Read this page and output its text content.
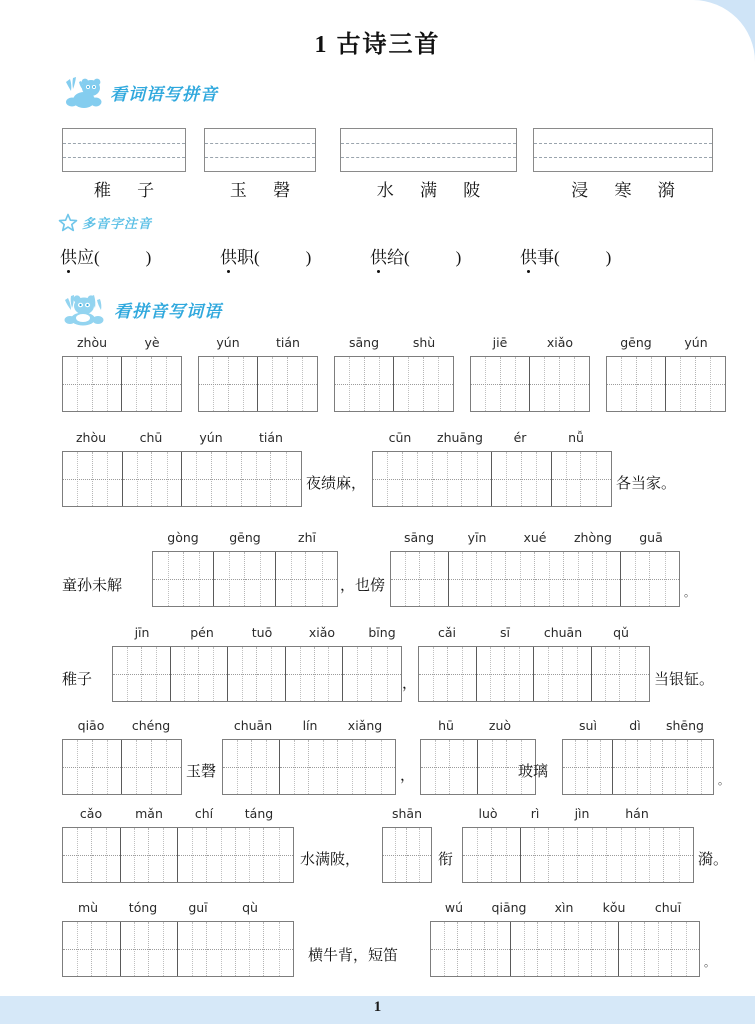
1 古诗三首
看词语写拼音
稚 子	玉 磬	水 满 陂	浸 寒 漪
多音字注音
供应(	)	供职(	)	供给(	)	供事(	)
看拼音写词语
zhòu	yè	yún	tián	sāng	shù	jiē	xiǎo	gēng	yún
zhòu	chū	yún	tián
夜绩麻，
cūn	zhuāng	ér	nǚ
各当家。
gòng	gēng	zhī
童孙未解	，也傍
sāng	yīn	xué	zhòng	guā
。
jīn	pén	tuō	xiǎo	bīng
稚子	，
cǎi	sī	chuān	qǔ
当银钲。
qiāo	chéng
玉磬
chuān	lín	xiǎng
，
hū	zuò
玻璃
suì	dì	shēng
。
cǎo	mǎn	chí	táng
水满陂，
shān
衔
luò	rì	jìn	hán
漪。
mù	tóng	guī	qù
横牛背，短笛
wú	qiāng	xìn	kǒu	chuī
。
1
